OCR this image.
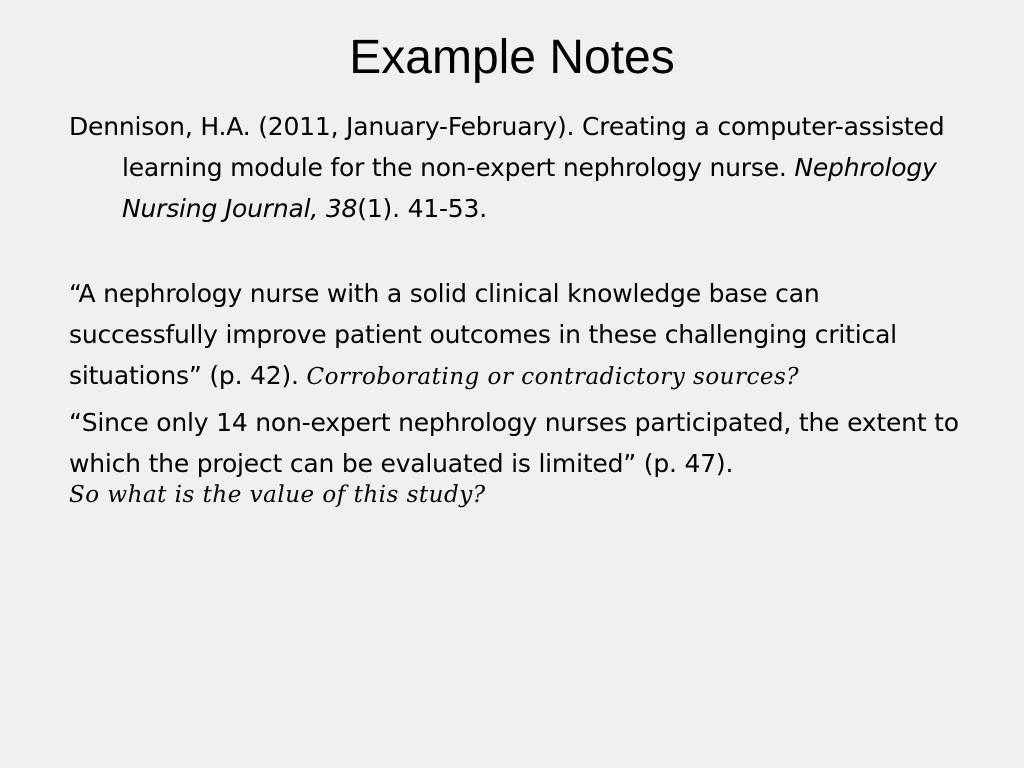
Example Notes

Dennison, H.A. (2011, January-February). Creating a computer-assisted learning module for the non-expert nephrology nurse. Nephrology Nursing Journal, 38(1). 41-53.

“A nephrology nurse with a solid clinical knowledge base can successfully improve patient outcomes in these challenging critical situations” (p. 42). Corroborating or contradictory sources?

“Since only 14 non-expert nephrology nurses participated, the extent to which the project can be evaluated is limited” (p. 47).
So what is the value of this study?
